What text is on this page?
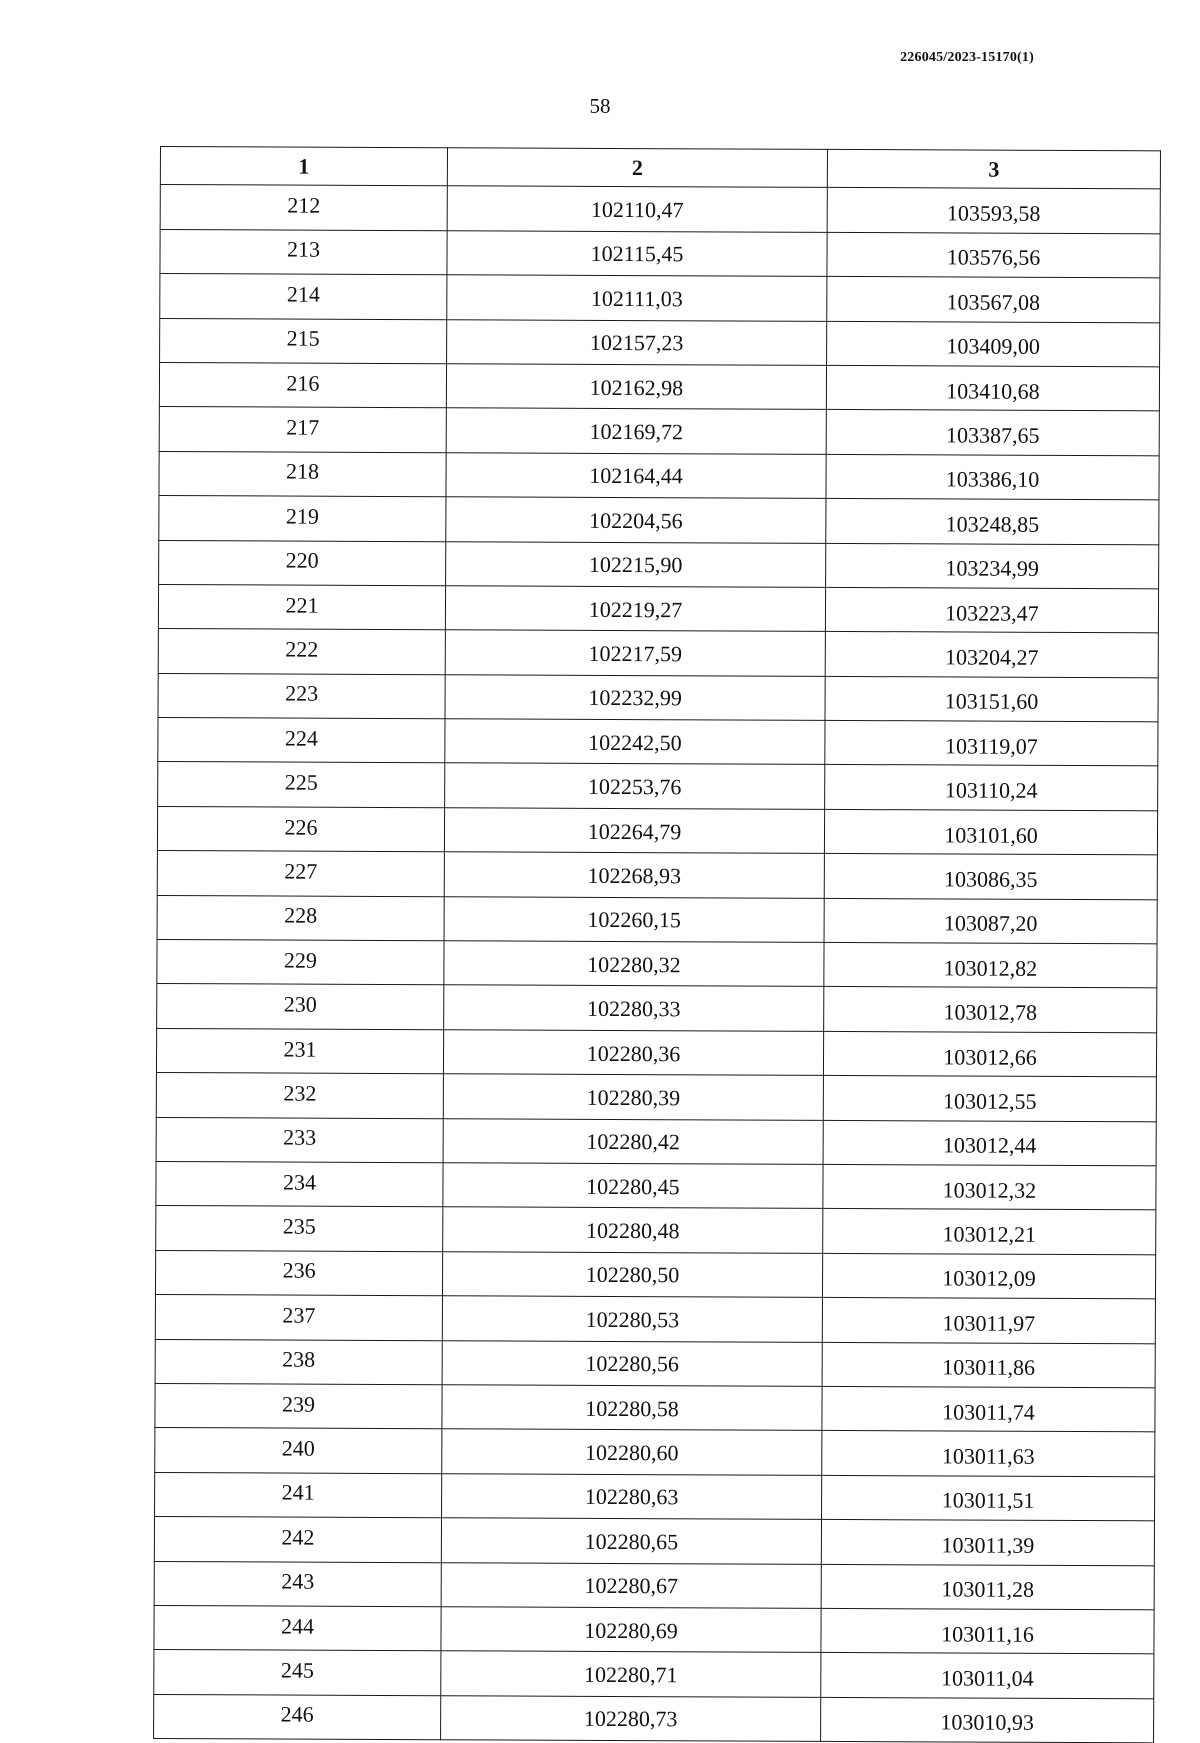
226045/2023-15170(1)
58
1	2	3
212	102110,47	103593,58
213	102115,45	103576,56
214	102111,03	103567,08
215	102157,23	103409,00
216	102162,98	103410,68
217	102169,72	103387,65
218	102164,44	103386,10
219	102204,56	103248,85
220	102215,90	103234,99
221	102219,27	103223,47
222	102217,59	103204,27
223	102232,99	103151,60
224	102242,50	103119,07
225	102253,76	103110,24
226	102264,79	103101,60
227	102268,93	103086,35
228	102260,15	103087,20
229	102280,32	103012,82
230	102280,33	103012,78
231	102280,36	103012,66
232	102280,39	103012,55
233	102280,42	103012,44
234	102280,45	103012,32
235	102280,48	103012,21
236	102280,50	103012,09
237	102280,53	103011,97
238	102280,56	103011,86
239	102280,58	103011,74
240	102280,60	103011,63
241	102280,63	103011,51
242	102280,65	103011,39
243	102280,67	103011,28
244	102280,69	103011,16
245	102280,71	103011,04
246	102280,73	103010,93
